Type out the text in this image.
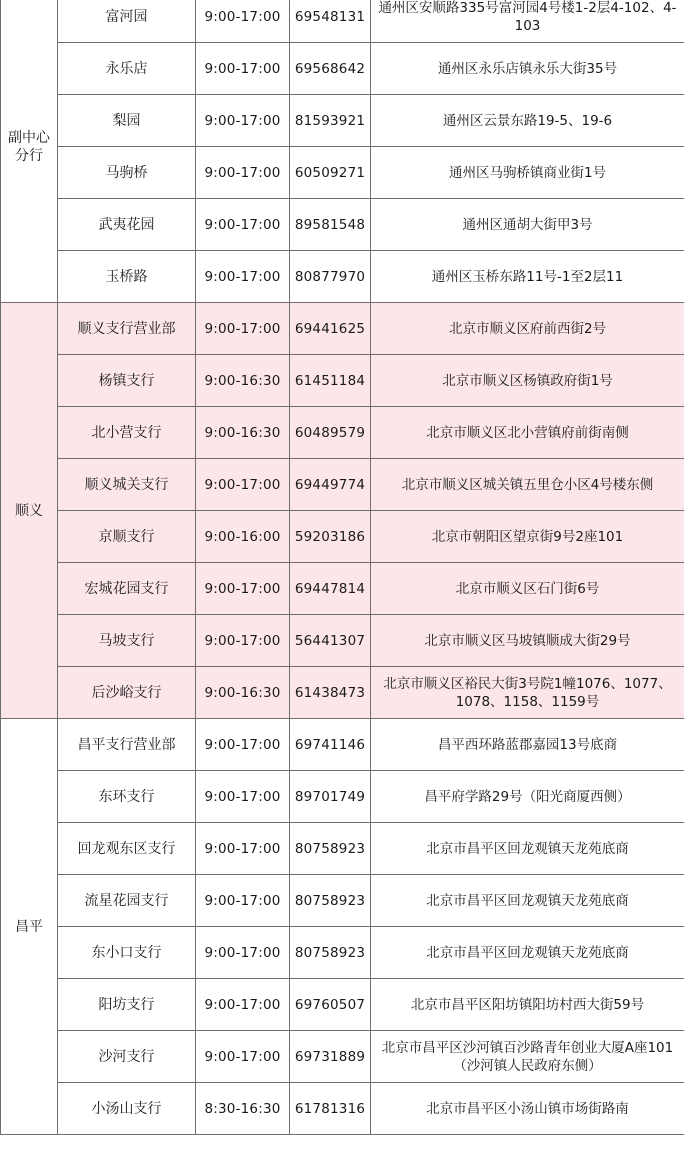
副中心
分行	富河园	9:00-17:00	69548131	通州区安顺路335号富河园4号楼1-2层4-102、4-103
	永乐店	9:00-17:00	69568642	通州区永乐店镇永乐大街35号
	梨园	9:00-17:00	81593921	通州区云景东路19-5、19-6
	马驹桥	9:00-17:00	60509271	通州区马驹桥镇商业街1号
	武夷花园	9:00-17:00	89581548	通州区通胡大街甲3号
	玉桥路	9:00-17:00	80877970	通州区玉桥东路11号-1至2层11
顺义	顺义支行营业部	9:00-17:00	69441625	北京市顺义区府前西街2号
	杨镇支行	9:00-16:30	61451184	北京市顺义区杨镇政府街1号
	北小营支行	9:00-16:30	60489579	北京市顺义区北小营镇府前街南侧
	顺义城关支行	9:00-17:00	69449774	北京市顺义区城关镇五里仓小区4号楼东侧
	京顺支行	9:00-16:00	59203186	北京市朝阳区望京街9号2座101
	宏城花园支行	9:00-17:00	69447814	北京市顺义区石门街6号
	马坡支行	9:00-17:00	56441307	北京市顺义区马坡镇顺成大街29号
	后沙峪支行	9:00-16:30	61438473	北京市顺义区裕民大街3号院1幢1076、1077、1078、1158、1159号
昌平	昌平支行营业部	9:00-17:00	69741146	昌平西环路蓝郡嘉园13号底商
	东环支行	9:00-17:00	89701749	昌平府学路29号（阳光商厦西侧）
	回龙观东区支行	9:00-17:00	80758923	北京市昌平区回龙观镇天龙苑底商
	流星花园支行	9:00-17:00	80758923	北京市昌平区回龙观镇天龙苑底商
	东小口支行	9:00-17:00	80758923	北京市昌平区回龙观镇天龙苑底商
	阳坊支行	9:00-17:00	69760507	北京市昌平区阳坊镇阳坊村西大街59号
	沙河支行	9:00-17:00	69731889	北京市昌平区沙河镇百沙路青年创业大厦A座101（沙河镇人民政府东侧）
	小汤山支行	8:30-16:30	61781316	北京市昌平区小汤山镇市场街路南
